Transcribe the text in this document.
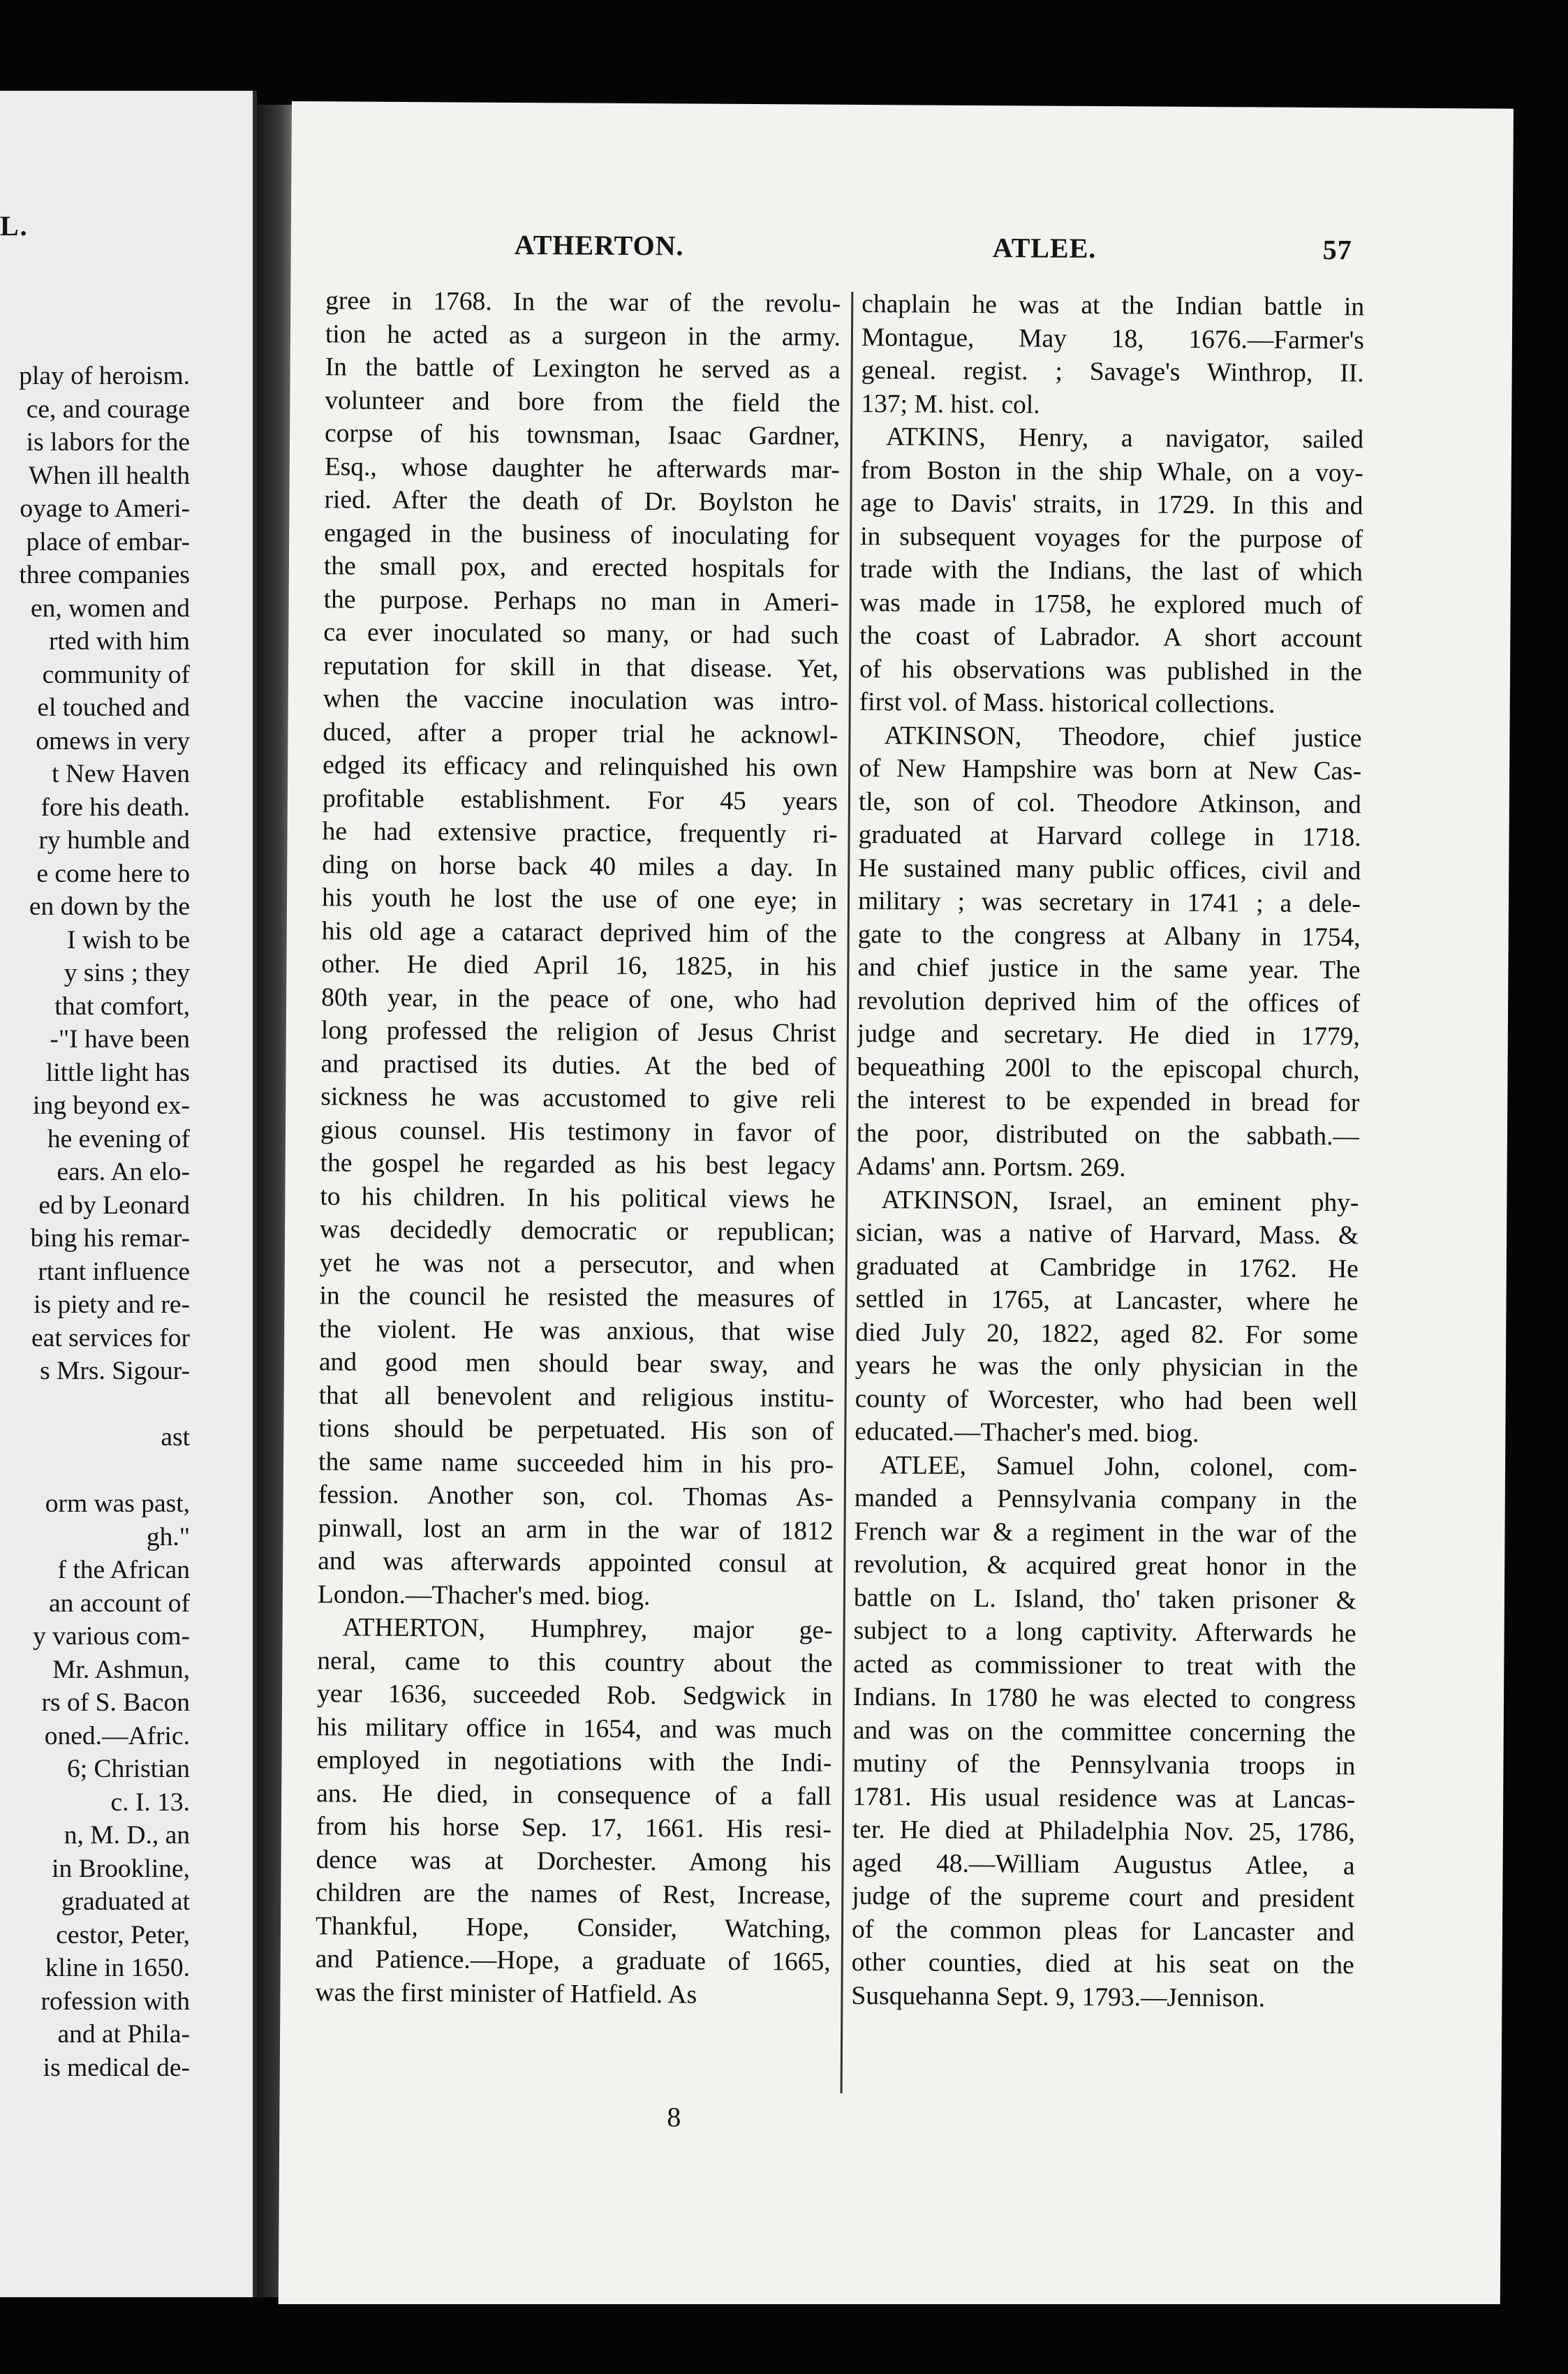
L.
play of heroism.
ce, and courage
is labors for the
When ill health
oyage to Ameri-
place of embar-
three companies
en, women and
rted with him
community of
el touched and
omews in very
t New Haven
fore his death.
ry humble and
e come here to
en down by the
I wish to be
y sins ; they
that comfort,
-"I have been
little light has
ing beyond ex-
he evening of
ears. An elo-
ed by Leonard
bing his remar-
rtant influence
is piety and re-
eat services for
s Mrs. Sigour-
ast
orm was past,
gh."
f the African
an account of
y various com-
Mr. Ashmun,
rs of S. Bacon
oned.—Afric.
6; Christian
c. I. 13.
n, M. D., an
in Brookline,
graduated at
cestor, Peter,
kline in 1650.
rofession with
and at Phila-
is medical de-
ATHERTON.	ATLEE.	57
gree in 1768. In the war of the revolu-
tion he acted as a surgeon in the army.
In the battle of Lexington he served as a
volunteer and bore from the field the
corpse of his townsman, Isaac Gardner,
Esq., whose daughter he afterwards mar-
ried. After the death of Dr. Boylston he
engaged in the business of inoculating for
the small pox, and erected hospitals for
the purpose. Perhaps no man in Ameri-
ca ever inoculated so many, or had such
reputation for skill in that disease. Yet,
when the vaccine inoculation was intro-
duced, after a proper trial he acknowl-
edged its efficacy and relinquished his own
profitable establishment. For 45 years
he had extensive practice, frequently ri-
ding on horse back 40 miles a day. In
his youth he lost the use of one eye; in
his old age a cataract deprived him of the
other. He died April 16, 1825, in his
80th year, in the peace of one, who had
long professed the religion of Jesus Christ
and practised its duties. At the bed of
sickness he was accustomed to give reli
gious counsel. His testimony in favor of
the gospel he regarded as his best legacy
to his children. In his political views he
was decidedly democratic or republican;
yet he was not a persecutor, and when
in the council he resisted the measures of
the violent. He was anxious, that wise
and good men should bear sway, and
that all benevolent and religious institu-
tions should be perpetuated. His son of
the same name succeeded him in his pro-
fession. Another son, col. Thomas As-
pinwall, lost an arm in the war of 1812
and was afterwards appointed consul at
London.—Thacher's med. biog.
ATHERTON, Humphrey, major ge-
neral, came to this country about the
year 1636, succeeded Rob. Sedgwick in
his military office in 1654, and was much
employed in negotiations with the Indi-
ans. He died, in consequence of a fall
from his horse Sep. 17, 1661. His resi-
dence was at Dorchester. Among his
children are the names of Rest, Increase,
Thankful, Hope, Consider, Watching,
and Patience.—Hope, a graduate of 1665,
was the first minister of Hatfield. As
chaplain he was at the Indian battle in
Montague, May 18, 1676.—Farmer's
geneal. regist. ; Savage's Winthrop, II.
137; M. hist. col.
ATKINS, Henry, a navigator, sailed
from Boston in the ship Whale, on a voy-
age to Davis' straits, in 1729. In this and
in subsequent voyages for the purpose of
trade with the Indians, the last of which
was made in 1758, he explored much of
the coast of Labrador. A short account
of his observations was published in the
first vol. of Mass. historical collections.
ATKINSON, Theodore, chief justice
of New Hampshire was born at New Cas-
tle, son of col. Theodore Atkinson, and
graduated at Harvard college in 1718.
He sustained many public offices, civil and
military ; was secretary in 1741 ; a dele-
gate to the congress at Albany in 1754,
and chief justice in the same year. The
revolution deprived him of the offices of
judge and secretary. He died in 1779,
bequeathing 200l to the episcopal church,
the interest to be expended in bread for
the poor, distributed on the sabbath.—
Adams' ann. Portsm. 269.
ATKINSON, Israel, an eminent phy-
sician, was a native of Harvard, Mass. &
graduated at Cambridge in 1762. He
settled in 1765, at Lancaster, where he
died July 20, 1822, aged 82. For some
years he was the only physician in the
county of Worcester, who had been well
educated.—Thacher's med. biog.
ATLEE, Samuel John, colonel, com-
manded a Pennsylvania company in the
French war & a regiment in the war of the
revolution, & acquired great honor in the
battle on L. Island, tho' taken prisoner &
subject to a long captivity. Afterwards he
acted as commissioner to treat with the
Indians. In 1780 he was elected to congress
and was on the committee concerning the
mutiny of the Pennsylvania troops in
1781. His usual residence was at Lancas-
ter. He died at Philadelphia Nov. 25, 1786,
aged 48.—William Augustus Atlee, a
judge of the supreme court and president
of the common pleas for Lancaster and
other counties, died at his seat on the
Susquehanna Sept. 9, 1793.—Jennison.
8
